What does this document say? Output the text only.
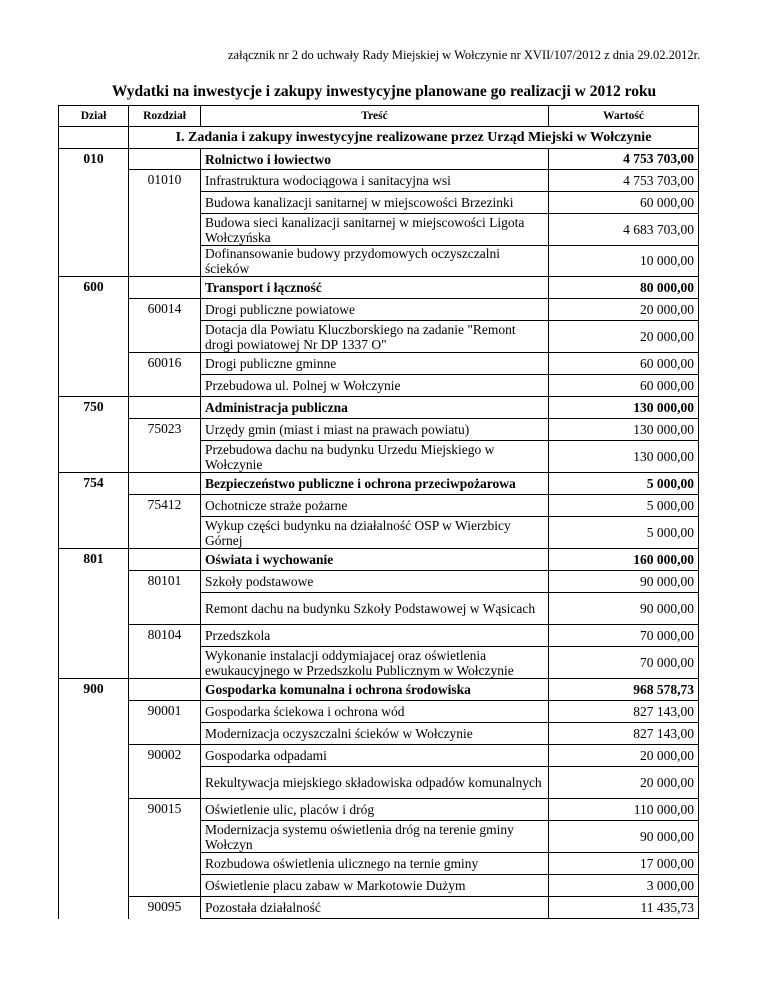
załącznik nr 2 do uchwały Rady Miejskiej w Wołczynie nr XVII/107/2012 z dnia 29.02.2012r.
Wydatki na inwestycje i zakupy inwestycyjne planowane go realizacji w 2012 roku
Dział	Rozdział	Treść	Wartość
	I. Zadania i zakupy inwestycyjne realizowane przez Urząd Miejski w Wołczynie		
010		Rolnictwo i łowiectwo	4 753 703,00
	01010	Infrastruktura wodociągowa i sanitacyjna wsi	4 753 703,00
		Budowa kanalizacji sanitarnej w miejscowości Brzezinki	60 000,00
		Budowa sieci kanalizacji sanitarnej w miejscowości Ligota Wołczyńska	4 683 703,00
		Dofinansowanie budowy przydomowych oczyszczalni ścieków	10 000,00
600		Transport i łączność	80 000,00
	60014	Drogi publiczne powiatowe	20 000,00
		Dotacja dla Powiatu Kluczborskiego na zadanie "Remont drogi powiatowej Nr DP 1337 O"	20 000,00
	60016	Drogi publiczne gminne	60 000,00
		Przebudowa ul. Polnej w Wołczynie	60 000,00
750		Administracja publiczna	130 000,00
	75023	Urzędy gmin (miast i miast na prawach powiatu)	130 000,00
		Przebudowa dachu na budynku Urzedu Miejskiego w Wołczynie	130 000,00
754		Bezpieczeństwo publiczne i ochrona przeciwpożarowa	5 000,00
	75412	Ochotnicze straże pożarne	5 000,00
		Wykup części budynku na działalność OSP w Wierzbicy Górnej	5 000,00
801		Oświata i wychowanie	160 000,00
	80101	Szkoły podstawowe	90 000,00
		Remont dachu na budynku Szkoły Podstawowej w Wąsicach	90 000,00
	80104	Przedszkola	70 000,00
		Wykonanie instalacji oddymiajacej oraz oświetlenia ewukaucyjnego w Przedszkolu Publicznym w Wołczynie	70 000,00
900		Gospodarka komunalna i ochrona środowiska	968 578,73
	90001	Gospodarka ściekowa i ochrona wód	827 143,00
		Modernizacja oczyszczalni ścieków w Wołczynie	827 143,00
	90002	Gospodarka odpadami	20 000,00
		Rekultywacja miejskiego składowiska odpadów komunalnych	20 000,00
	90015	Oświetlenie ulic, placów i dróg	110 000,00
		Modernizacja systemu oświetlenia dróg na terenie gminy Wołczyn	90 000,00
		Rozbudowa oświetlenia ulicznego na ternie gminy	17 000,00
		Oświetlenie placu zabaw w Markotowie Dużym	3 000,00
	90095	Pozostała działalność	11 435,73
